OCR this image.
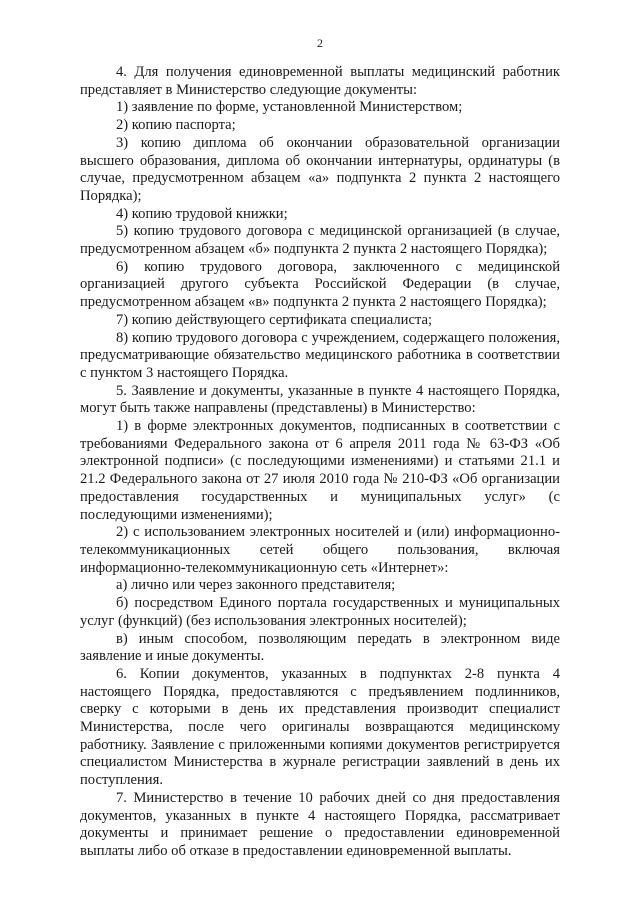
2

4. Для получения единовременной выплаты медицинский работник представляет в Министерство следующие документы:

1) заявление по форме, установленной Министерством;

2) копию паспорта;

3) копию диплома об окончании образовательной организации высшего образования, диплома об окончании интернатуры, ординатуры (в случае, предусмотренном абзацем «а» подпункта 2 пункта 2 настоящего Порядка);

4) копию трудовой книжки;

5) копию трудового договора с медицинской организацией (в случае, предусмотренном абзацем «б» подпункта 2 пункта 2 настоящего Порядка);

6) копию трудового договора, заключенного с медицинской организацией другого субъекта Российской Федерации (в случае, предусмотренном абзацем «в» подпункта 2 пункта 2 настоящего Порядка);

7) копию действующего сертификата специалиста;

8) копию трудового договора с учреждением, содержащего положения, предусматривающие обязательство медицинского работника в соответствии с пунктом 3 настоящего Порядка.

5. Заявление и документы, указанные в пункте 4 настоящего Порядка, могут быть также направлены (представлены) в Министерство:

1) в форме электронных документов, подписанных в соответствии с требованиями Федерального закона от 6 апреля 2011 года № 63-ФЗ «Об электронной подписи» (с последующими изменениями) и статьями 21.1 и 21.2 Федерального закона от 27 июля 2010 года № 210-ФЗ «Об организации предоставления государственных и муниципальных услуг» (с последующими изменениями);

2) с использованием электронных носителей и (или) информационно-телекоммуникационных сетей общего пользования, включая информационно-телекоммуникационную сеть «Интернет»:

а) лично или через законного представителя;

б) посредством Единого портала государственных и муниципальных услуг (функций) (без использования электронных носителей);

в) иным способом, позволяющим передать в электронном виде заявление и иные документы.

6. Копии документов, указанных в подпунктах 2-8 пункта 4 настоящего Порядка, предоставляются с предъявлением подлинников, сверку с которыми в день их представления производит специалист Министерства, после чего оригиналы возвращаются медицинскому работнику. Заявление с приложенными копиями документов регистрируется специалистом Министерства в журнале регистрации заявлений в день их поступления.

7. Министерство в течение 10 рабочих дней со дня предоставления документов, указанных в пункте 4 настоящего Порядка, рассматривает документы и принимает решение о предоставлении единовременной выплаты либо об отказе в предоставлении единовременной выплаты.
